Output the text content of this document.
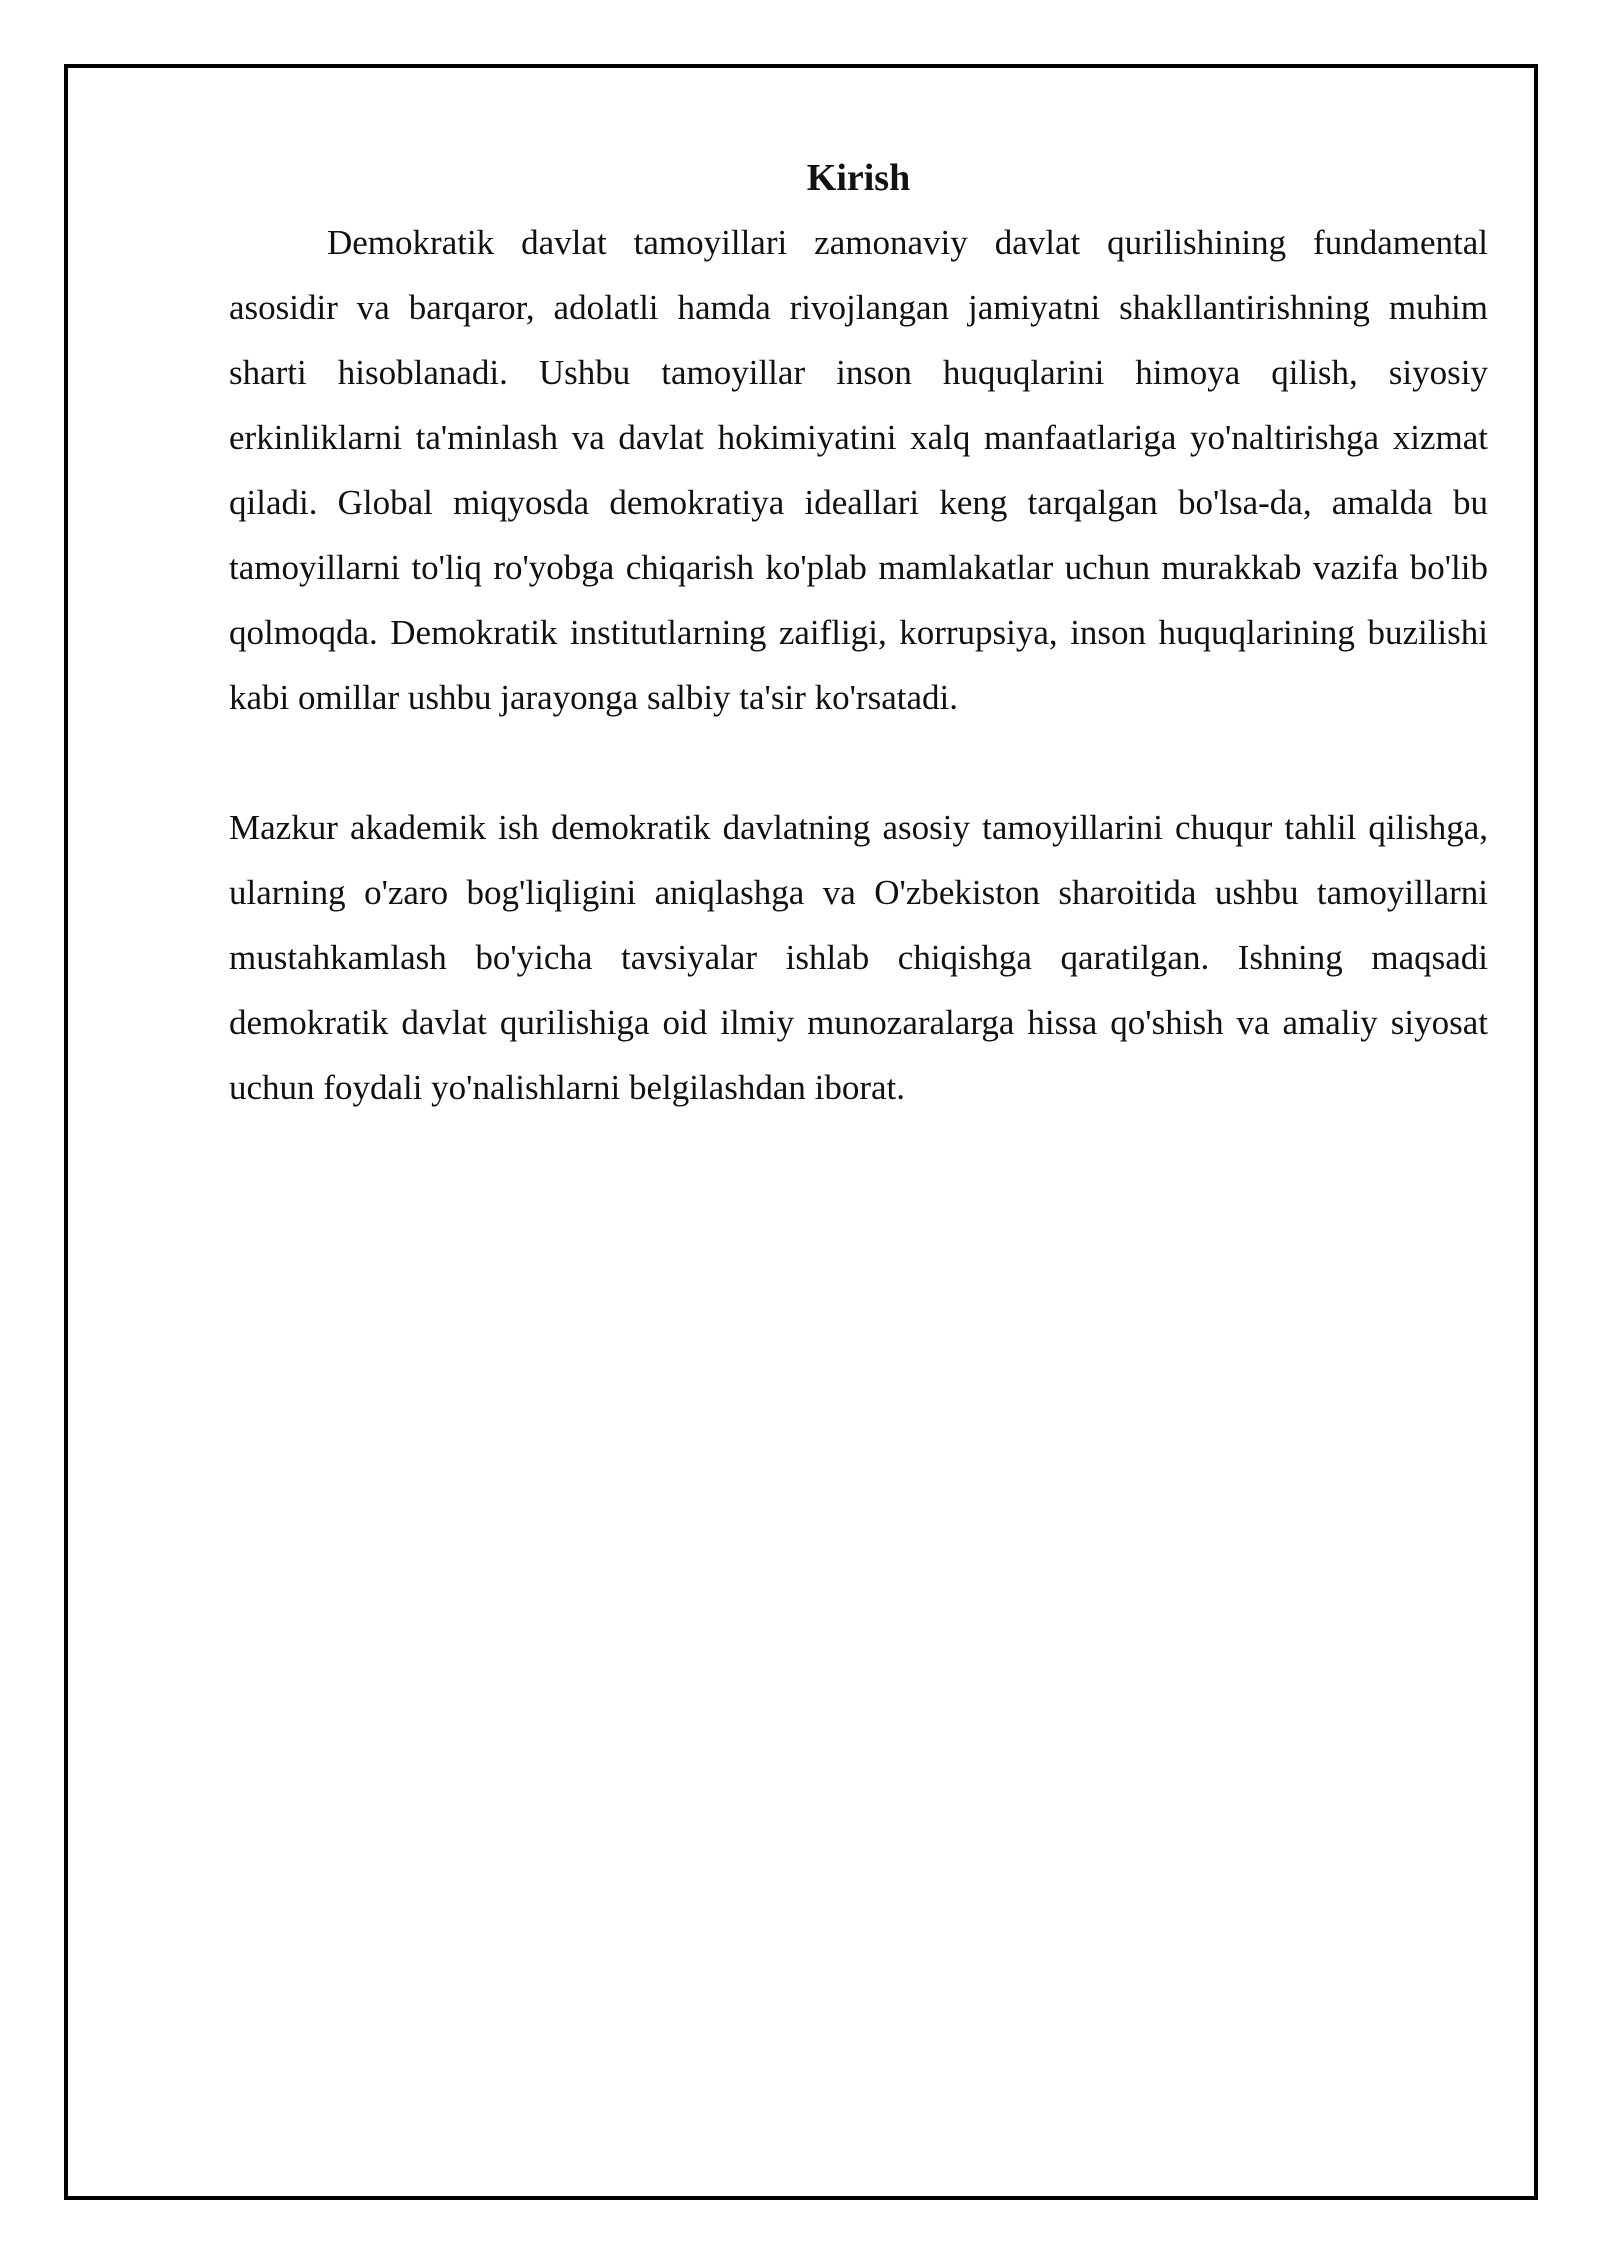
Kirish

Demokratik davlat tamoyillari zamonaviy davlat qurilishining fundamental asosidir va barqaror, adolatli hamda rivojlangan jamiyatni shakllantirishning muhim sharti hisoblanadi. Ushbu tamoyillar inson huquqlarini himoya qilish, siyosiy erkinliklarni ta'minlash va davlat hokimiyatini xalq manfaatlariga yo'naltirishga xizmat qiladi. Global miqyosda demokratiya ideallari keng tarqalgan bo'lsa-da, amalda bu tamoyillarni to'liq ro'yobga chiqarish ko'plab mamlakatlar uchun murakkab vazifa bo'lib qolmoqda. Demokratik institutlarning zaifligi, korrupsiya, inson huquqlarining buzilishi kabi omillar ushbu jarayonga salbiy ta'sir ko'rsatadi.

Mazkur akademik ish demokratik davlatning asosiy tamoyillarini chuqur tahlil qilishga, ularning o'zaro bog'liqligini aniqlashga va O'zbekiston sharoitida ushbu tamoyillarni mustahkamlash bo'yicha tavsiyalar ishlab chiqishga qaratilgan. Ishning maqsadi demokratik davlat qurilishiga oid ilmiy munozaralarga hissa qo'shish va amaliy siyosat uchun foydali yo'nalishlarni belgilashdan iborat.
